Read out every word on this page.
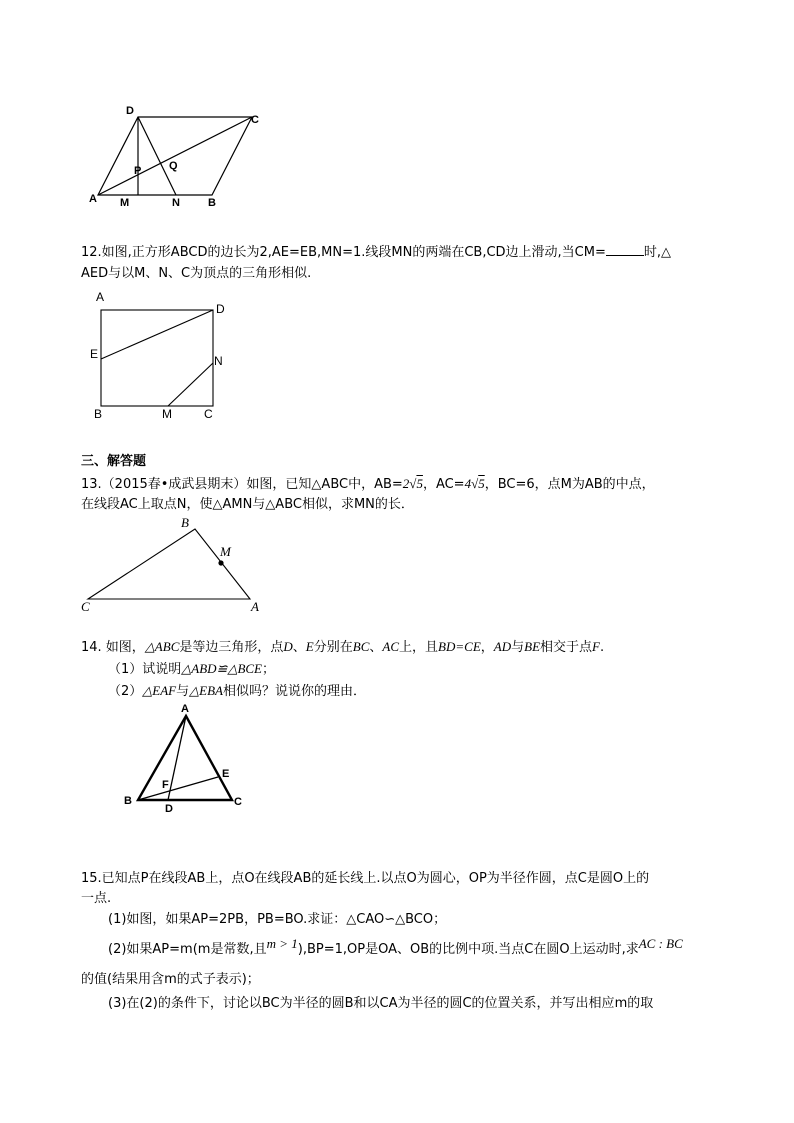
D
C
P	Q
A M	N	B
12.如图,正方形ABCD的边长为2,AE=EB,MN=1.线段MN的两端在CB,CD边上滑动,当CM=	时,△
AED与以M、N、C为顶点的三角形相似.
A
D
E	N
B	M	C
三、解答题
13.（2015春•成武县期末）如图，已知△ABC中，AB=2√5，AC=4√5，BC=6，点M为AB的中点，
在线段AC上取点N，使△AMN与△ABC相似，求MN的长．
B
M
C	A
14. 如图，△ABC是等边三角形，点D、E分别在BC、AC上，且BD=CE，AD与BE相交于点F.
（1）试说明△ABD≌△BCE；
（2）△EAF与△EBA相似吗？说说你的理由．
A
E
F
B
D
C
15.已知点P在线段AB上，点O在线段AB的延长线上.以点O为圆心，OP为半径作圆，点C是圆O上的
一点.
(1)如图，如果AP=2PB，PB=BO.求证：△CAO∽△BCO；
(2)如果AP=m(m是常数,且m > 1),BP=1,OP是OA、OB的比例中项.当点C在圆O上运动时,求AC : BC
的值(结果用含m的式子表示)；
(3)在(2)的条件下，讨论以BC为半径的圆B和以CA为半径的圆C的位置关系，并写出相应m的取
